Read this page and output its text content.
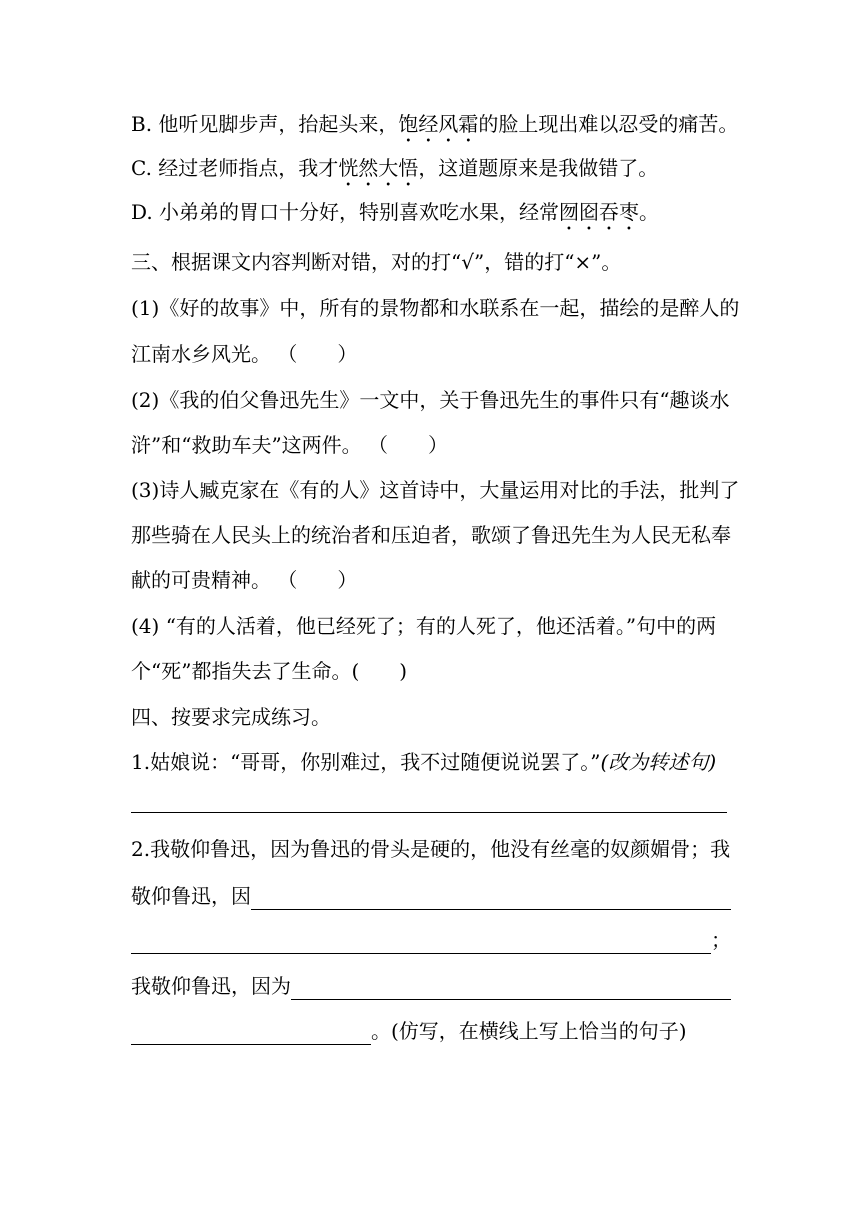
B. 他听见脚步声，抬起头来，饱经风霜的脸上现出难以忍受的痛苦。
C. 经过老师指点，我才恍然大悟，这道题原来是我做错了。
D. 小弟弟的胃口十分好，特别喜欢吃水果，经常囫囵吞枣。
三、根据课文内容判断对错，对的打“√”，错的打“×”。
(1)《好的故事》中，所有的景物都和水联系在一起，描绘的是醉人的
江南水乡风光。 （　　）
(2)《我的伯父鲁迅先生》一文中，关于鲁迅先生的事件只有“趣谈水
浒”和“救助车夫”这两件。 （　　）
(3)诗人臧克家在《有的人》这首诗中，大量运用对比的手法，批判了
那些骑在人民头上的统治者和压迫者，歌颂了鲁迅先生为人民无私奉
献的可贵精神。 （　　）
(4) “有的人活着，他已经死了；有的人死了，他还活着。”句中的两
个“死”都指失去了生命。(　　)
四、按要求完成练习。
1.姑娘说：“哥哥，你别难过，我不过随便说说罢了。”(改为转述句)
2.我敬仰鲁迅，因为鲁迅的骨头是硬的，他没有丝毫的奴颜媚骨；我
敬仰鲁迅，因
；
我敬仰鲁迅，因为
。(仿写，在横线上写上恰当的句子)
